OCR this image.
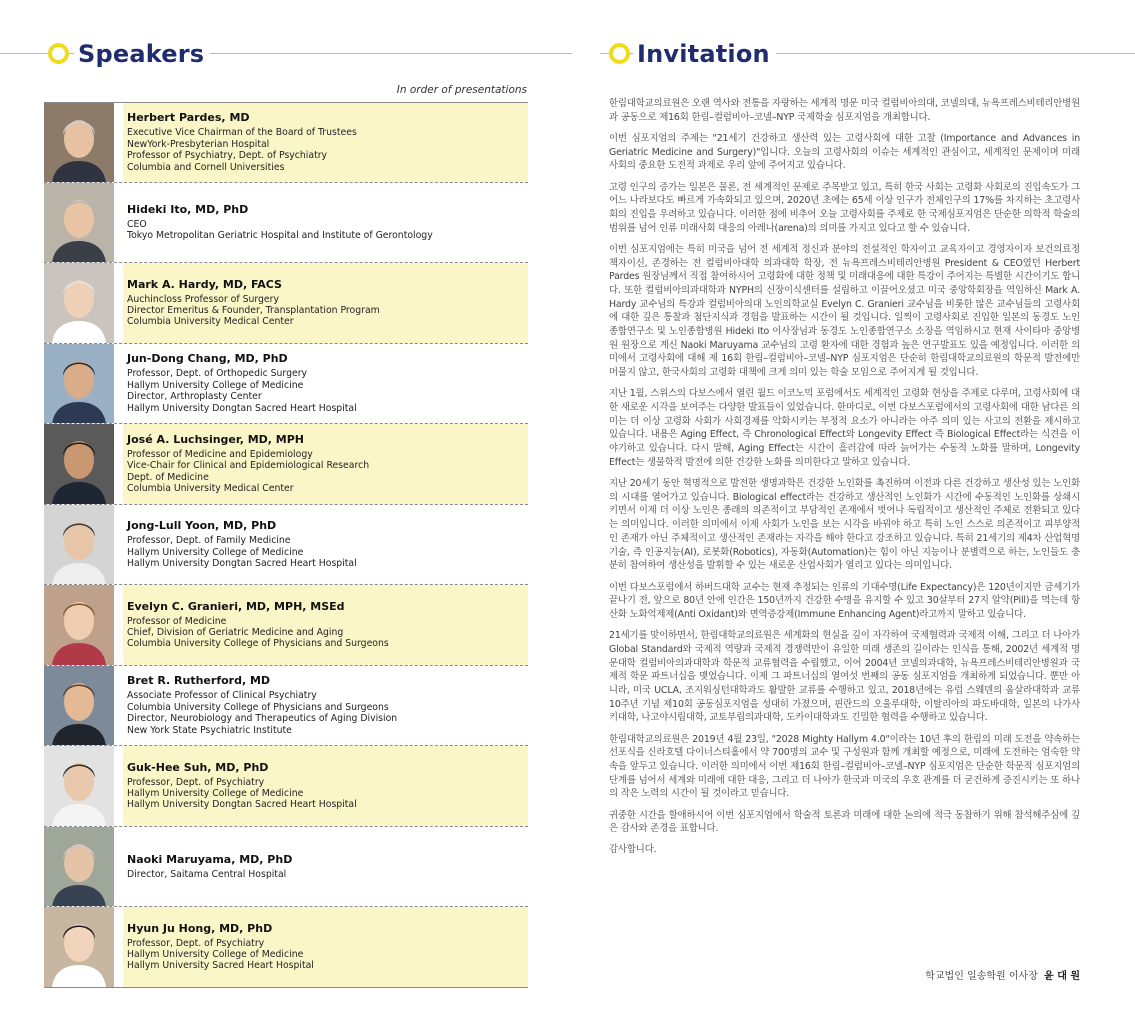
Speakers	Invitation
In order of presentations
Herbert Pardes, MD
Executive Vice Chairman of the Board of Trustees
NewYork-Presbyterian Hospital
Professor of Psychiatry, Dept. of Psychiatry
Columbia and Cornell Universities
Hideki Ito, MD, PhD
CEO
Tokyo Metropolitan Geriatric Hospital and Institute of Gerontology
Mark A. Hardy, MD, FACS
Auchincloss Professor of Surgery
Director Emeritus & Founder, Transplantation Program
Columbia University Medical Center
Jun-Dong Chang, MD, PhD
Professor, Dept. of Orthopedic Surgery
Hallym University College of Medicine
Director, Arthroplasty Center
Hallym University Dongtan Sacred Heart Hospital
José A. Luchsinger, MD, MPH
Professor of Medicine and Epidemiology
Vice-Chair for Clinical and Epidemiological Research
Dept. of Medicine
Columbia University Medical Center
Jong-Lull Yoon, MD, PhD
Professor, Dept. of Family Medicine
Hallym University College of Medicine
Hallym University Dongtan Sacred Heart Hospital
Evelyn C. Granieri, MD, MPH, MSEd
Professor of Medicine
Chief, Division of Geriatric Medicine and Aging
Columbia University College of Physicians and Surgeons
Bret R. Rutherford, MD
Associate Professor of Clinical Psychiatry
Columbia University College of Physicians and Surgeons
Director, Neurobiology and Therapeutics of Aging Division
New York State Psychiatric Institute
Guk-Hee Suh, MD, PhD
Professor, Dept. of Psychiatry
Hallym University College of Medicine
Hallym University Dongtan Sacred Heart Hospital
Naoki Maruyama, MD, PhD
Director, Saitama Central Hospital
Hyun Ju Hong, MD, PhD
Professor, Dept. of Psychiatry
Hallym University College of Medicine
Hallym University Sacred Heart Hospital

한림대학교의료원은 오랜 역사와 전통을 자랑하는 세계적 명문 미국 컬럼비아의대, 코넬의대, 뉴욕프레스비테리안병원과 공동으로 제16회 한림–컬럼비아–코넬–NYP 국제학술 심포지엄을 개최합니다.

이번 심포지엄의 주제는 "21세기 건강하고 생산력 있는 고령사회에 대한 고찰 (Importance and Advances in Geriatric Medicine and Surgery)"입니다. 오늘의 고령사회의 이슈는 세계적인 관심이고, 세계적인 문제이며 미래사회의 중요한 도전적 과제로 우리 앞에 주어지고 있습니다.

고령 인구의 증가는 일본은 물론, 전 세계적인 문제로 주목받고 있고, 특히 한국 사회는 고령화 사회로의 진입속도가 그 어느 나라보다도 빠르게 가속화되고 있으며, 2020년 초에는 65세 이상 인구가 전체인구의 17%를 차지하는 초고령사회의 진입을 우려하고 있습니다. 이러한 점에 비추어 오늘 고령사회를 주제로 한 국제심포지엄은 단순한 의학적 학술의 범위를 넘어 인류 미래사회 대응의 아레나(arena)의 의미를 가지고 있다고 할 수 있습니다.

이번 심포지엄에는 특히 미국을 넘어 전 세계적 정신과 분야의 전설적인 학자이고 교육자이고 경영자이자 보건의료정책자이신, 존경하는 전 컬럼비아대학 의과대학 학장, 전 뉴욕프레스비테리안병원 President & CEO였던 Herbert Pardes 원장님께서 직접 참여하시어 고령화에 대한 정책 및 미래대응에 대한 특강이 주어지는 특별한 시간이기도 합니다. 또한 컬럼비아의과대학과 NYPH의 신장이식센터를 설립하고 이끌어오셨고 미국 중앙학회장을 역임하신 Mark A. Hardy 교수님의 특강과 컬럼비아의대 노인의학교실 Evelyn C. Granieri 교수님을 비롯한 많은 교수님들의 고령사회에 대한 깊은 통찰과 첨단지식과 경험을 발표하는 시간이 될 것입니다. 일찍이 고령사회로 진입한 일본의 동경도 노인종합연구소 및 노인종합병원 Hideki Ito 이사장님과 동경도 노인종합연구소 소장을 역임하시고 현재 사이타마 중앙병원 원장으로 계신 Naoki Maruyama 교수님의 고령 환자에 대한 경험과 높은 연구발표도 있을 예정입니다. 이러한 의미에서 고령사회에 대해 제 16회 한림–컬럼비아–코넬–NYP 심포지엄은 단순히 한림대학교의료원의 학문적 발전에만 머물지 않고, 한국사회의 고령화 대책에 크게 의미 있는 학술 모임으로 주어지게 될 것입니다.

지난 1월, 스위스의 다보스에서 열린 월드 이코노믹 포럼에서도 세계적인 고령화 현상을 주제로 다루며, 고령사회에 대한 새로운 시각을 보여주는 다양한 발표들이 있었습니다. 한마디로, 이번 다보스포럼에서의 고령사회에 대한 남다른 의미는 더 이상 고령화 사회가 사회경제를 악화시키는 부정적 요소가 아니라는 아주 의미 있는 사고의 전환을 제시하고 있습니다. 내용은 Aging Effect, 즉 Chronological Effect와 Longevity Effect 즉 Biological Effect라는 식견을 이야기하고 있습니다. 다시 말해, Aging Effect는 시간이 흘러감에 따라 늙어가는 수동적 노화를 말하며, Longevity Effect는 생물학적 발전에 의한 건강한 노화를 의미한다고 말하고 있습니다.

지난 20세기 동안 혁명적으로 발전한 생명과학은 건강한 노인화를 촉진하며 이전과 다른 건강하고 생산성 있는 노인화의 시대를 열어가고 있습니다. Biological effect라는 건강하고 생산적인 노인화가 시간에 수동적인 노인화를 상쇄시키면서 이제 더 이상 노인은 종래의 의존적이고 부담적인 존재에서 벗어나 독립적이고 생산적인 주체로 전환되고 있다는 의미입니다. 이러한 의미에서 이제 사회가 노인을 보는 시각을 바꿔야 하고 특히 노인 스스로 의존적이고 피부양적인 존재가 아닌 주체적이고 생산적인 존재라는 자각을 해야 한다고 강조하고 있습니다. 특히 21세기의 제4차 산업혁명 기술, 즉 인공지능(AI), 로봇화(Robotics), 자동화(Automation)는 힘이 아닌 지능이나 분별력으로 하는, 노인들도 충분히 참여하여 생산성을 발휘할 수 있는 새로운 산업사회가 열리고 있다는 의미입니다.

이번 다보스포럼에서 하버드대학 교수는 현재 추정되는 인류의 기대수명(Life Expectancy)은 120년이지만 금세기가 끝나기 전, 앞으로 80년 안에 인간은 150년까지 건강한 수명을 유지할 수 있고 30살부터 27지 알약(Pill)을 먹는데 항산화 노화억제제(Anti Oxidant)와 면역증강제(Immune Enhancing Agent)라고까지 말하고 있습니다.

21세기를 맞이하면서, 한림대학교의료원은 세계화의 현실을 깊이 자각하여 국제협력과 국제적 이해, 그리고 더 나아가 Global Standard와 국제적 역량과 국제적 경쟁력만이 유일한 미래 생존의 길이라는 인식을 통해, 2002년 세계적 명문대학 컬럼비아의과대학과 학문적 교류협력을 수립했고, 이어 2004년 코넬의과대학, 뉴욕프레스비테리안병원과 국제적 학문 파트너십을 맺었습니다. 이제 그 파트너십의 열여섯 번째의 공동 심포지엄을 개최하게 되었습니다. 뿐만 아니라, 미국 UCLA, 조지워싱턴대학과도 활발한 교류를 수행하고 있고, 2018년에는 유럽 스웨덴의 웁살라대학과 교류 10주년 기념 제10회 공동심포지엄을 성대히 가졌으며, 핀란드의 오울루대학, 이탈리아의 파도바대학, 일본의 나가사키대학, 나고야시립대학, 교토부립의과대학, 도카이대학과도 긴밀한 협력을 수행하고 있습니다.

한림대학교의료원은 2019년 4월 23일, "2028 Mighty Hallym 4.0"이라는 10년 후의 한림의 미래 도전을 약속하는 선포식을 신라호텔 다이너스티홀에서 약 700명의 교수 및 구성원과 함께 개최할 예정으로, 미래에 도전하는 엄숙한 약속을 앞두고 있습니다. 이러한 의미에서 이번 제16회 한림–컬럼비아–코넬–NYP 심포지엄은 단순한 학문적 심포지엄의 단계를 넘어서 세계와 미래에 대한 대응, 그리고 더 나아가 한국과 미국의 우호 관계를 더 굳건하게 증진시키는 또 하나의 작은 노력의 시간이 될 것이라고 믿습니다.

귀중한 시간을 할애하시어 이번 심포지엄에서 학술적 토론과 미래에 대한 논의에 적극 동참하기 위해 참석해주심에 깊은 감사와 존경을 표합니다.

감사합니다.

학교법인 일송학원 이사장 윤 대 원
